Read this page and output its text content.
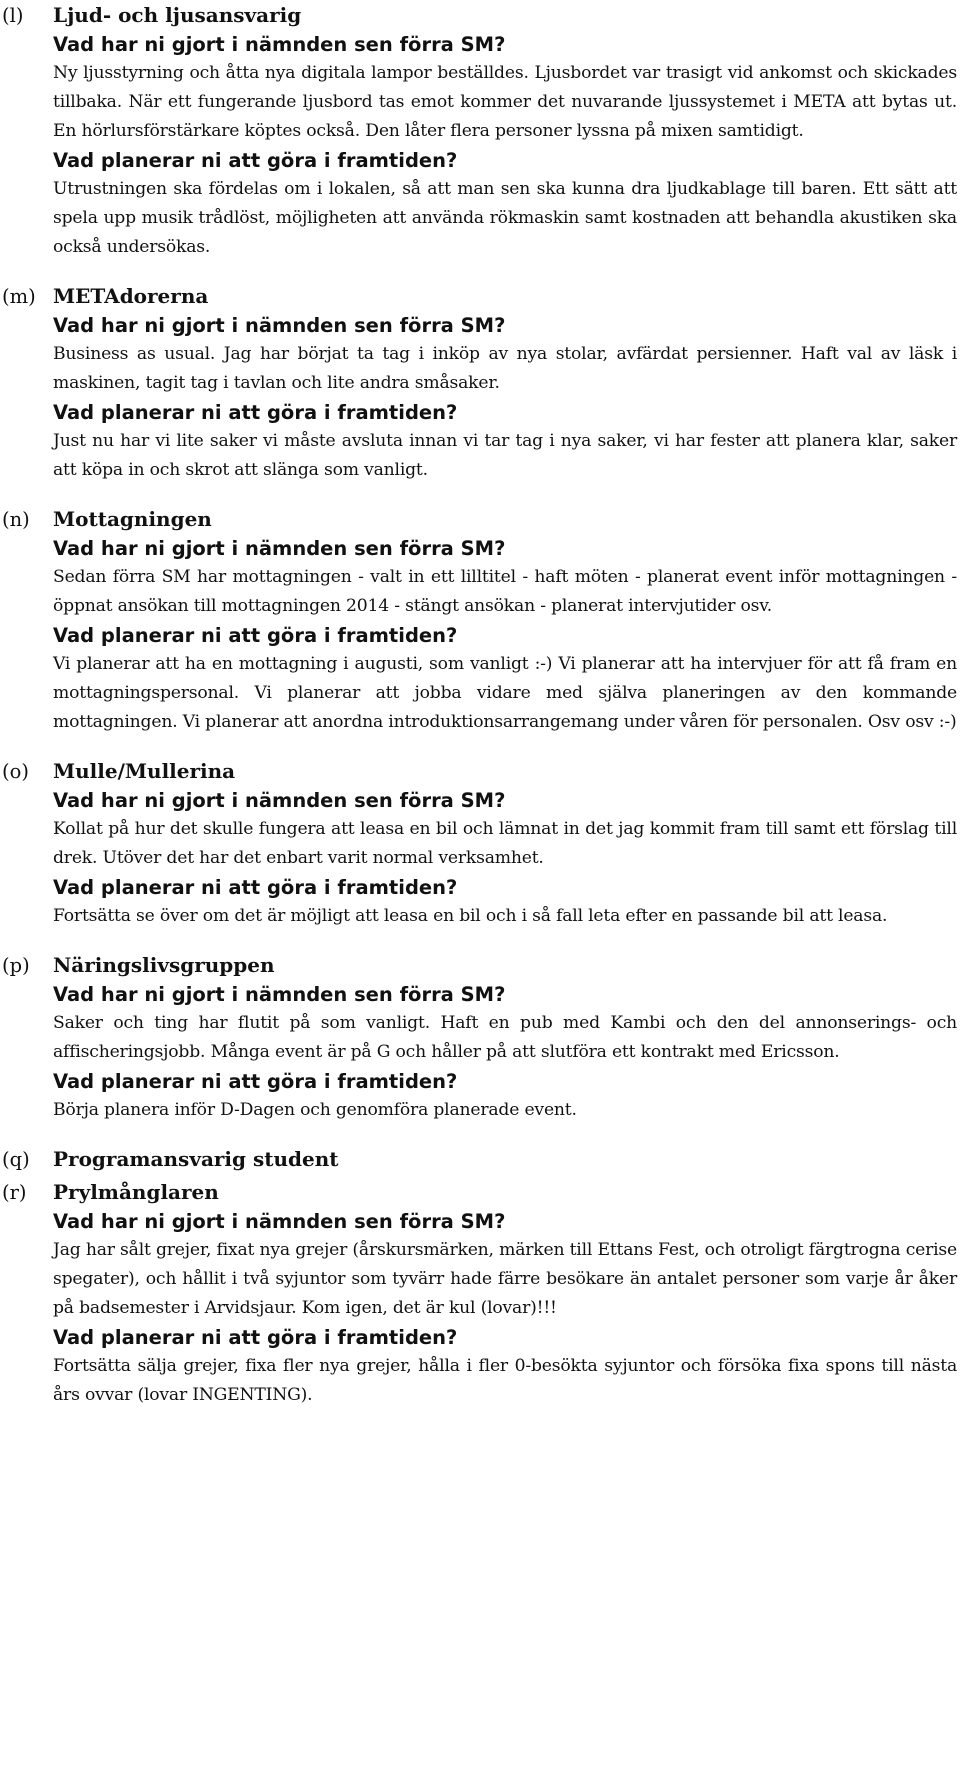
(l)	Ljud- och ljusansvarig
Vad har ni gjort i nämnden sen förra SM?

Ny ljusstyrning och åtta nya digitala lampor beställdes. Ljusbordet var trasigt vid ankomst och skickades tillbaka. När ett fungerande ljusbord tas emot kommer det nuvarande ljussystemet i META att bytas ut. En hörlursförstärkare köptes också. Den låter flera personer lyssna på mixen samtidigt.

Vad planerar ni att göra i framtiden?

Utrustningen ska fördelas om i lokalen, så att man sen ska kunna dra ljudkablage till baren. Ett sätt att spela upp musik trådlöst, möjligheten att använda rökmaskin samt kostnaden att behandla akustiken ska också undersökas.

(m) METAdorerna
Vad har ni gjort i nämnden sen förra SM?

Business as usual. Jag har börjat ta tag i inköp av nya stolar, avfärdat persienner. Haft val av läsk i maskinen, tagit tag i tavlan och lite andra småsaker.

Vad planerar ni att göra i framtiden?

Just nu har vi lite saker vi måste avsluta innan vi tar tag i nya saker, vi har fester att planera klar, saker att köpa in och skrot att slänga som vanligt.

(n)	Mottagningen
Vad har ni gjort i nämnden sen förra SM?

Sedan förra SM har mottagningen - valt in ett lilltitel - haft möten - planerat event inför mottagningen - öppnat ansökan till mottagningen 2014 - stängt ansökan - planerat intervjutider osv.

Vad planerar ni att göra i framtiden?

Vi planerar att ha en mottagning i augusti, som vanligt :-) Vi planerar att ha intervjuer för att få fram en mottagningspersonal. Vi planerar att jobba vidare med själva planeringen av den kommande mottagningen. Vi planerar att anordna introduktionsarrangemang under våren för personalen. Osv osv :-)

(o)	Mulle/Mullerina
Vad har ni gjort i nämnden sen förra SM?

Kollat på hur det skulle fungera att leasa en bil och lämnat in det jag kommit fram till samt ett förslag till drek. Utöver det har det enbart varit normal verksamhet.

Vad planerar ni att göra i framtiden?

Fortsätta se över om det är möjligt att leasa en bil och i så fall leta efter en passande bil att leasa.

(p)	Näringslivsgruppen
Vad har ni gjort i nämnden sen förra SM?

Saker och ting har flutit på som vanligt. Haft en pub med Kambi och den del annonserings- och affischeringsjobb. Många event är på G och håller på att slutföra ett kontrakt med Ericsson.

Vad planerar ni att göra i framtiden?

Börja planera inför D-Dagen och genomföra planerade event.

(q)	Programansvarig student
(r)	Prylmånglaren
Vad har ni gjort i nämnden sen förra SM?

Jag har sålt grejer, fixat nya grejer (årskursmärken, märken till Ettans Fest, och otroligt färgtrogna cerise spegater), och hållit i två syjuntor som tyvärr hade färre besökare än antalet personer som varje år åker på badsemester i Arvidsjaur. Kom igen, det är kul (lovar)!!!

Vad planerar ni att göra i framtiden?

Fortsätta sälja grejer, fixa fler nya grejer, hålla i fler 0-besökta syjuntor och försöka fixa spons till nästa års ovvar (lovar INGENTING).
